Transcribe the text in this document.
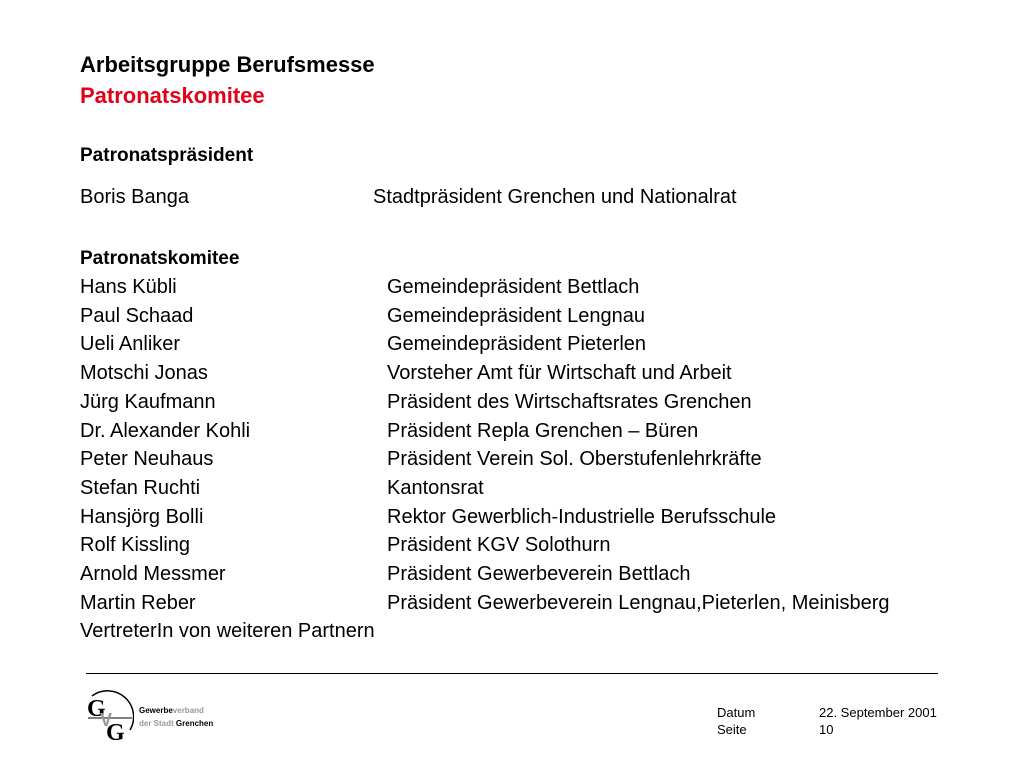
Arbeitsgruppe Berufsmesse
Patronatskomitee
Patronatspräsident
Boris Banga	Stadtpräsident Grenchen und Nationalrat
Patronatskomitee
Hans Kübli	Gemeindepräsident Bettlach
Paul Schaad	Gemeindepräsident Lengnau
Ueli Anliker	Gemeindepräsident Pieterlen
Motschi Jonas	Vorsteher Amt für Wirtschaft und Arbeit
Jürg Kaufmann	Präsident des Wirtschaftsrates Grenchen
Dr. Alexander Kohli	Präsident Repla Grenchen – Büren
Peter Neuhaus	Präsident Verein Sol. Oberstufenlehrkräfte
Stefan Ruchti	Kantonsrat
Hansjörg Bolli	Rektor Gewerblich-Industrielle Berufsschule
Rolf Kissling	Präsident KGV Solothurn
Arnold Messmer	Präsident Gewerbeverein Bettlach
Martin Reber	Präsident Gewerbeverein Lengnau,Pieterlen, Meinisberg
VertreterIn von weiteren Partnern
G
V
G
Gewerbeverband
der Stadt Grenchen
Datum	22. September 2001
Seite	10
